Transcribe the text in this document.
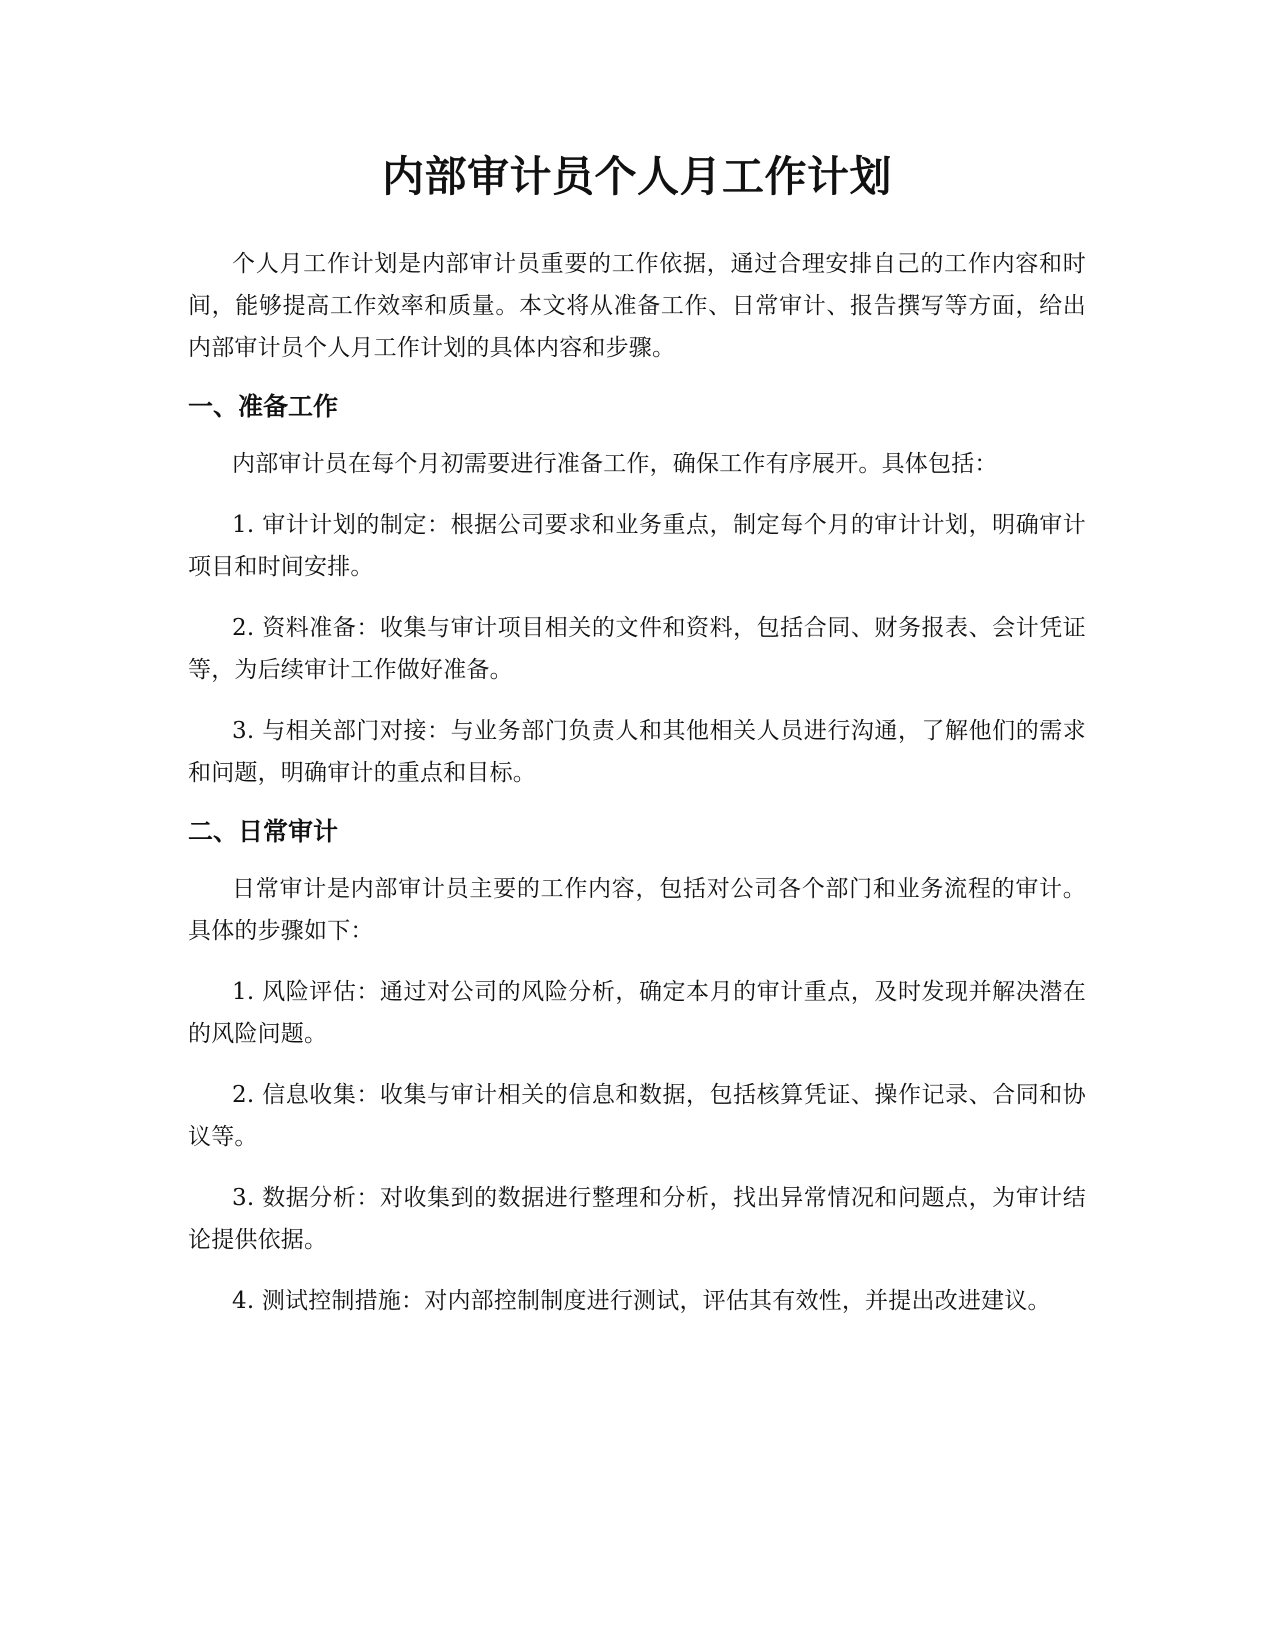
内部审计员个人月工作计划

个人月工作计划是内部审计员重要的工作依据，通过合理安排自己的工作内容和时间，能够提高工作效率和质量。本文将从准备工作、日常审计、报告撰写等方面，给出内部审计员个人月工作计划的具体内容和步骤。

一、准备工作

内部审计员在每个月初需要进行准备工作，确保工作有序展开。具体包括：

1. 审计计划的制定：根据公司要求和业务重点，制定每个月的审计计划，明确审计项目和时间安排。

2. 资料准备：收集与审计项目相关的文件和资料，包括合同、财务报表、会计凭证等，为后续审计工作做好准备。

3. 与相关部门对接：与业务部门负责人和其他相关人员进行沟通，了解他们的需求和问题，明确审计的重点和目标。

二、日常审计

日常审计是内部审计员主要的工作内容，包括对公司各个部门和业务流程的审计。具体的步骤如下：

1. 风险评估：通过对公司的风险分析，确定本月的审计重点，及时发现并解决潜在的风险问题。

2. 信息收集：收集与审计相关的信息和数据，包括核算凭证、操作记录、合同和协议等。

3. 数据分析：对收集到的数据进行整理和分析，找出异常情况和问题点，为审计结论提供依据。

4. 测试控制措施：对内部控制制度进行测试，评估其有效性，并提出改进建议。
